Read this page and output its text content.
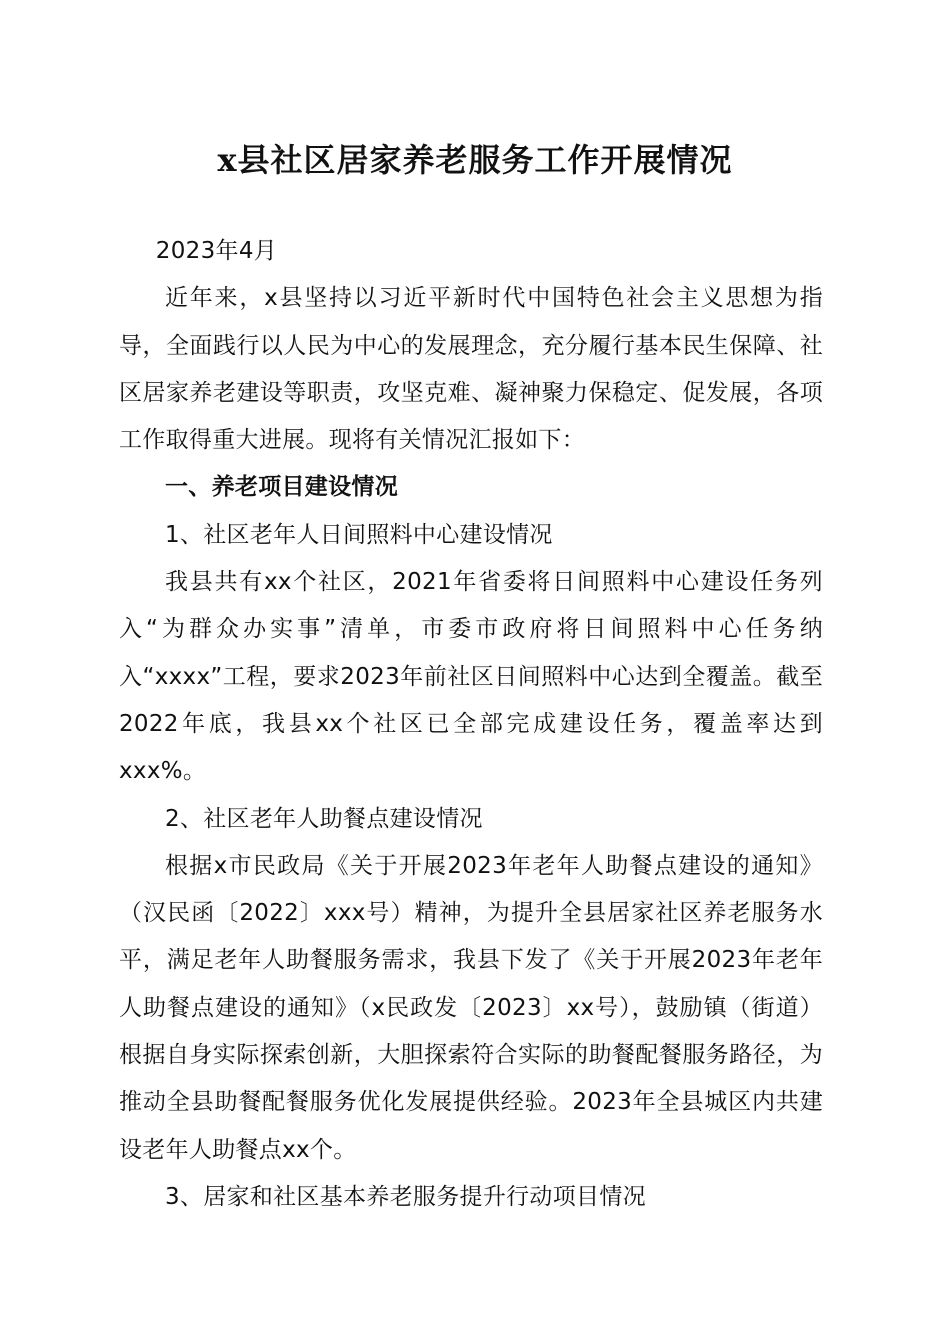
x县社区居家养老服务工作开展情况

2023年4月

近年来，x县坚持以习近平新时代中国特色社会主义思想为指导，全面践行以人民为中心的发展理念，充分履行基本民生保障、社区居家养老建设等职责，攻坚克难、凝神聚力保稳定、促发展，各项工作取得重大进展。现将有关情况汇报如下：

一、养老项目建设情况

1、社区老年人日间照料中心建设情况

我县共有xx个社区，2021年省委将日间照料中心建设任务列入“为群众办实事”清单，市委市政府将日间照料中心任务纳入“xxxx”工程，要求2023年前社区日间照料中心达到全覆盖。截至2022年底，我县xx个社区已全部完成建设任务，覆盖率达到xxx%。

2、社区老年人助餐点建设情况

根据x市民政局《关于开展2023年老年人助餐点建设的通知》（汉民函〔2022〕xxx号）精神，为提升全县居家社区养老服务水平，满足老年人助餐服务需求，我县下发了《关于开展2023年老年人助餐点建设的通知》（x民政发〔2023〕xx号），鼓励镇（街道）根据自身实际探索创新，大胆探索符合实际的助餐配餐服务路径，为推动全县助餐配餐服务优化发展提供经验。2023年全县城区内共建设老年人助餐点xx个。

3、居家和社区基本养老服务提升行动项目情况
